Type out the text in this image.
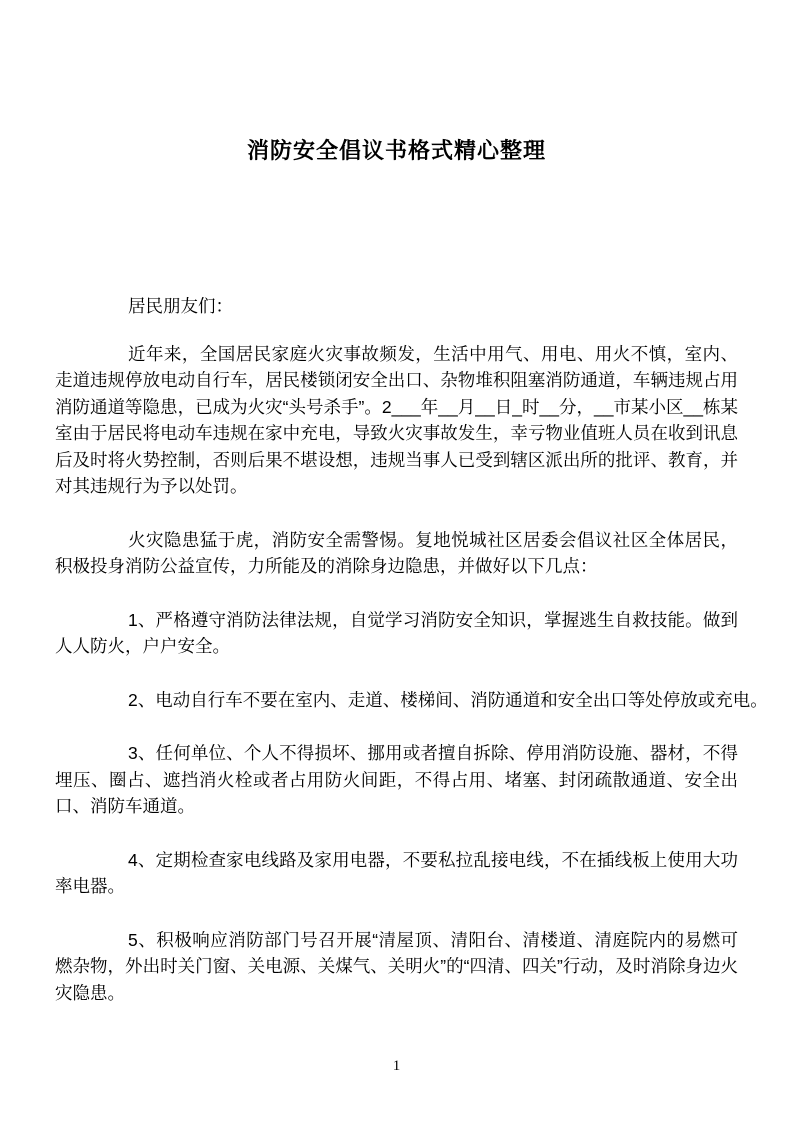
消防安全倡议书格式精心整理

居民朋友们：

近年来，全国居民家庭火灾事故频发，生活中用气、用电、用火不慎，室内、走道违规停放电动自行车，居民楼锁闭安全出口、杂物堆积阻塞消防通道，车辆违规占用消防通道等隐患，已成为火灾“头号杀手”。2___年__月__日_时__分，__市某小区__栋某室由于居民将电动车违规在家中充电，导致火灾事故发生，幸亏物业值班人员在收到讯息后及时将火势控制，否则后果不堪设想，违规当事人已受到辖区派出所的批评、教育，并对其违规行为予以处罚。

火灾隐患猛于虎，消防安全需警惕。复地悦城社区居委会倡议社区全体居民，积极投身消防公益宣传，力所能及的消除身边隐患，并做好以下几点：

1、严格遵守消防法律法规，自觉学习消防安全知识，掌握逃生自救技能。做到人人防火，户户安全。

2、电动自行车不要在室内、走道、楼梯间、消防通道和安全出口等处停放或充电。

3、任何单位、个人不得损坏、挪用或者擅自拆除、停用消防设施、器材，不得埋压、圈占、遮挡消火栓或者占用防火间距，不得占用、堵塞、封闭疏散通道、安全出口、消防车通道。

4、定期检查家电线路及家用电器，不要私拉乱接电线，不在插线板上使用大功率电器。

5、积极响应消防部门号召开展“清屋顶、清阳台、清楼道、清庭院内的易燃可燃杂物，外出时关门窗、关电源、关煤气、关明火”的“四清、四关”行动，及时消除身边火灾隐患。

1
